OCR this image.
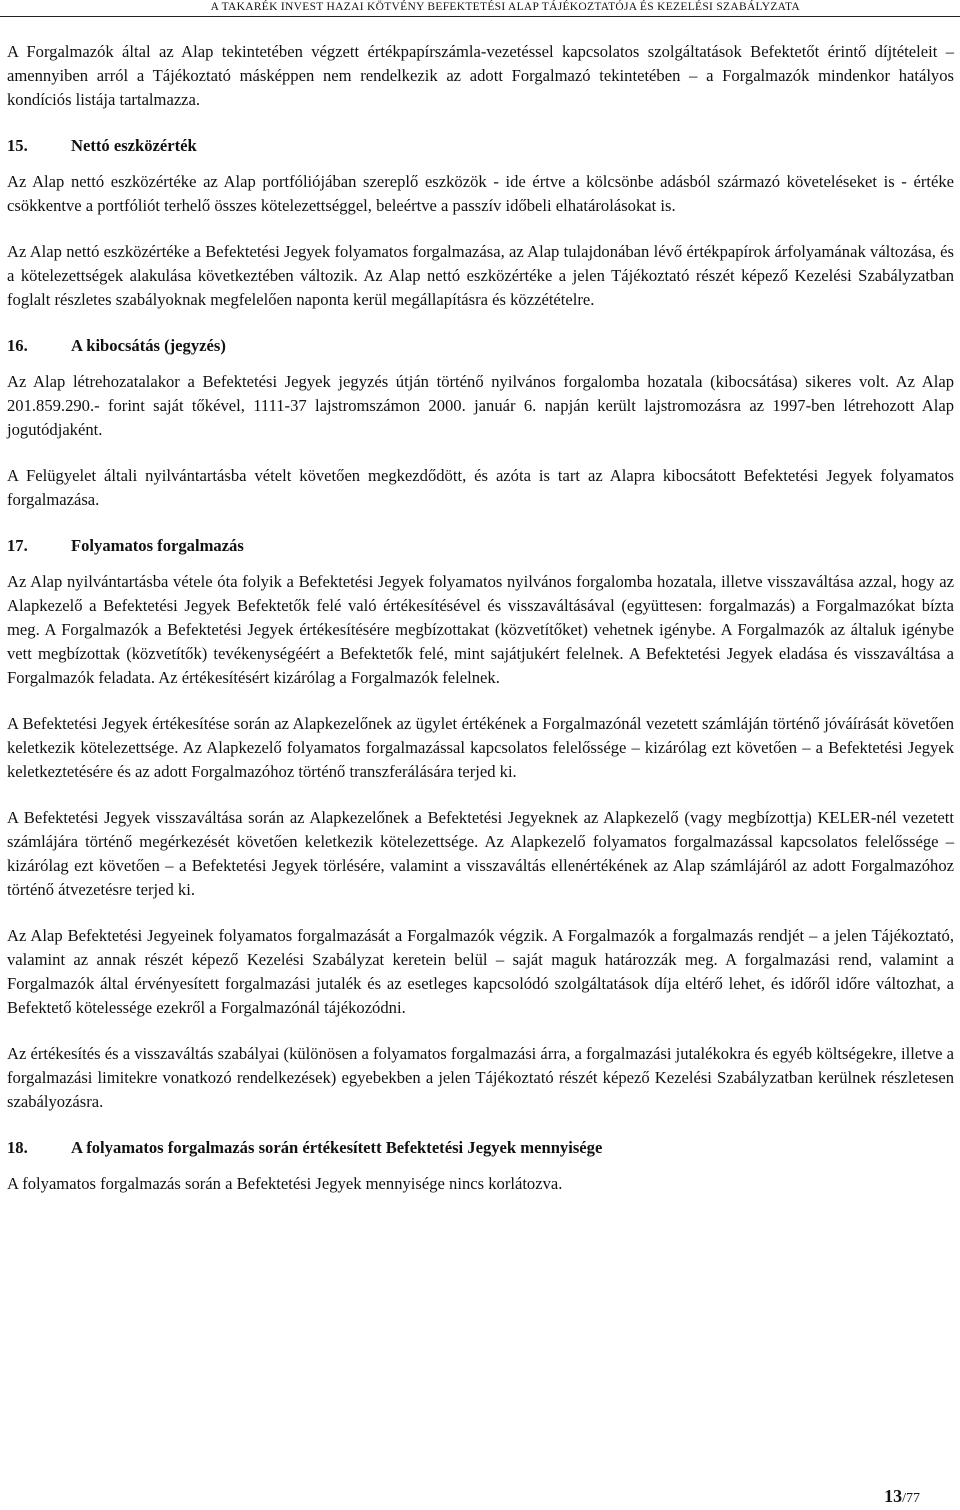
A TAKARÉK INVEST HAZAI KÖTVÉNY BEFEKTETÉSI ALAP TÁJÉKOZTATÓJA ÉS KEZELÉSI SZABÁLYZATA

A Forgalmazók által az Alap tekintetében végzett értékpapírszámla-vezetéssel kapcsolatos szolgáltatások Befektetőt érintő díjtételeit – amennyiben arról a Tájékoztató másképpen nem rendelkezik az adott Forgalmazó tekintetében – a Forgalmazók mindenkor hatályos kondíciós listája tartalmazza.

15.	Nettó eszközérték

Az Alap nettó eszközértéke az Alap portfóliójában szereplő eszközök - ide értve a kölcsönbe adásból származó követeléseket is - értéke csökkentve a portfóliót terhelő összes kötelezettséggel, beleértve a passzív időbeli elhatárolásokat is.

Az Alap nettó eszközértéke a Befektetési Jegyek folyamatos forgalmazása, az Alap tulajdonában lévő értékpapírok árfolyamának változása, és a kötelezettségek alakulása következtében változik. Az Alap nettó eszközértéke a jelen Tájékoztató részét képező Kezelési Szabályzatban foglalt részletes szabályoknak megfelelően naponta kerül megállapításra és közzétételre.

16.	A kibocsátás (jegyzés)

Az Alap létrehozatalakor a Befektetési Jegyek jegyzés útján történő nyilvános forgalomba hozatala (kibocsátása) sikeres volt. Az Alap 201.859.290.- forint saját tőkével, 1111-37 lajstromszámon 2000. január 6. napján került lajstromozásra az 1997-ben létrehozott Alap jogutódjaként.

A Felügyelet általi nyilvántartásba vételt követően megkezdődött, és azóta is tart az Alapra kibocsátott Befektetési Jegyek folyamatos forgalmazása.

17.	Folyamatos forgalmazás

Az Alap nyilvántartásba vétele óta folyik a Befektetési Jegyek folyamatos nyilvános forgalomba hozatala, illetve visszaváltása azzal, hogy az Alapkezelő a Befektetési Jegyek Befektetők felé való értékesítésével és visszaváltásával (együttesen: forgalmazás) a Forgalmazókat bízta meg. A Forgalmazók a Befektetési Jegyek értékesítésére megbízottakat (közvetítőket) vehetnek igénybe. A Forgalmazók az általuk igénybe vett megbízottak (közvetítők) tevékenységéért a Befektetők felé, mint sajátjukért felelnek. A Befektetési Jegyek eladása és visszaváltása a Forgalmazók feladata. Az értékesítésért kizárólag a Forgalmazók felelnek.

A Befektetési Jegyek értékesítése során az Alapkezelőnek az ügylet értékének a Forgalmazónál vezetett számláján történő jóváírását követően keletkezik kötelezettsége. Az Alapkezelő folyamatos forgalmazással kapcsolatos felelőssége – kizárólag ezt követően – a Befektetési Jegyek keletkeztetésére és az adott Forgalmazóhoz történő transzferálására terjed ki.

A Befektetési Jegyek visszaváltása során az Alapkezelőnek a Befektetési Jegyeknek az Alapkezelő (vagy megbízottja) KELER-nél vezetett számlájára történő megérkezését követően keletkezik kötelezettsége. Az Alapkezelő folyamatos forgalmazással kapcsolatos felelőssége – kizárólag ezt követően – a Befektetési Jegyek törlésére, valamint a visszaváltás ellenértékének az Alap számlájáról az adott Forgalmazóhoz történő átvezetésre terjed ki.

Az Alap Befektetési Jegyeinek folyamatos forgalmazását a Forgalmazók végzik. A Forgalmazók a forgalmazás rendjét – a jelen Tájékoztató, valamint az annak részét képező Kezelési Szabályzat keretein belül – saját maguk határozzák meg. A forgalmazási rend, valamint a Forgalmazók által érvényesített forgalmazási jutalék és az esetleges kapcsolódó szolgáltatások díja eltérő lehet, és időről időre változhat, a Befektető kötelessége ezekről a Forgalmazónál tájékozódni.

Az értékesítés és a visszaváltás szabályai (különösen a folyamatos forgalmazási árra, a forgalmazási jutalékokra és egyéb költségekre, illetve a forgalmazási limitekre vonatkozó rendelkezések) egyebekben a jelen Tájékoztató részét képező Kezelési Szabályzatban kerülnek részletesen szabályozásra.

18.	A folyamatos forgalmazás során értékesített Befektetési Jegyek mennyisége

A folyamatos forgalmazás során a Befektetési Jegyek mennyisége nincs korlátozva.

13/77
